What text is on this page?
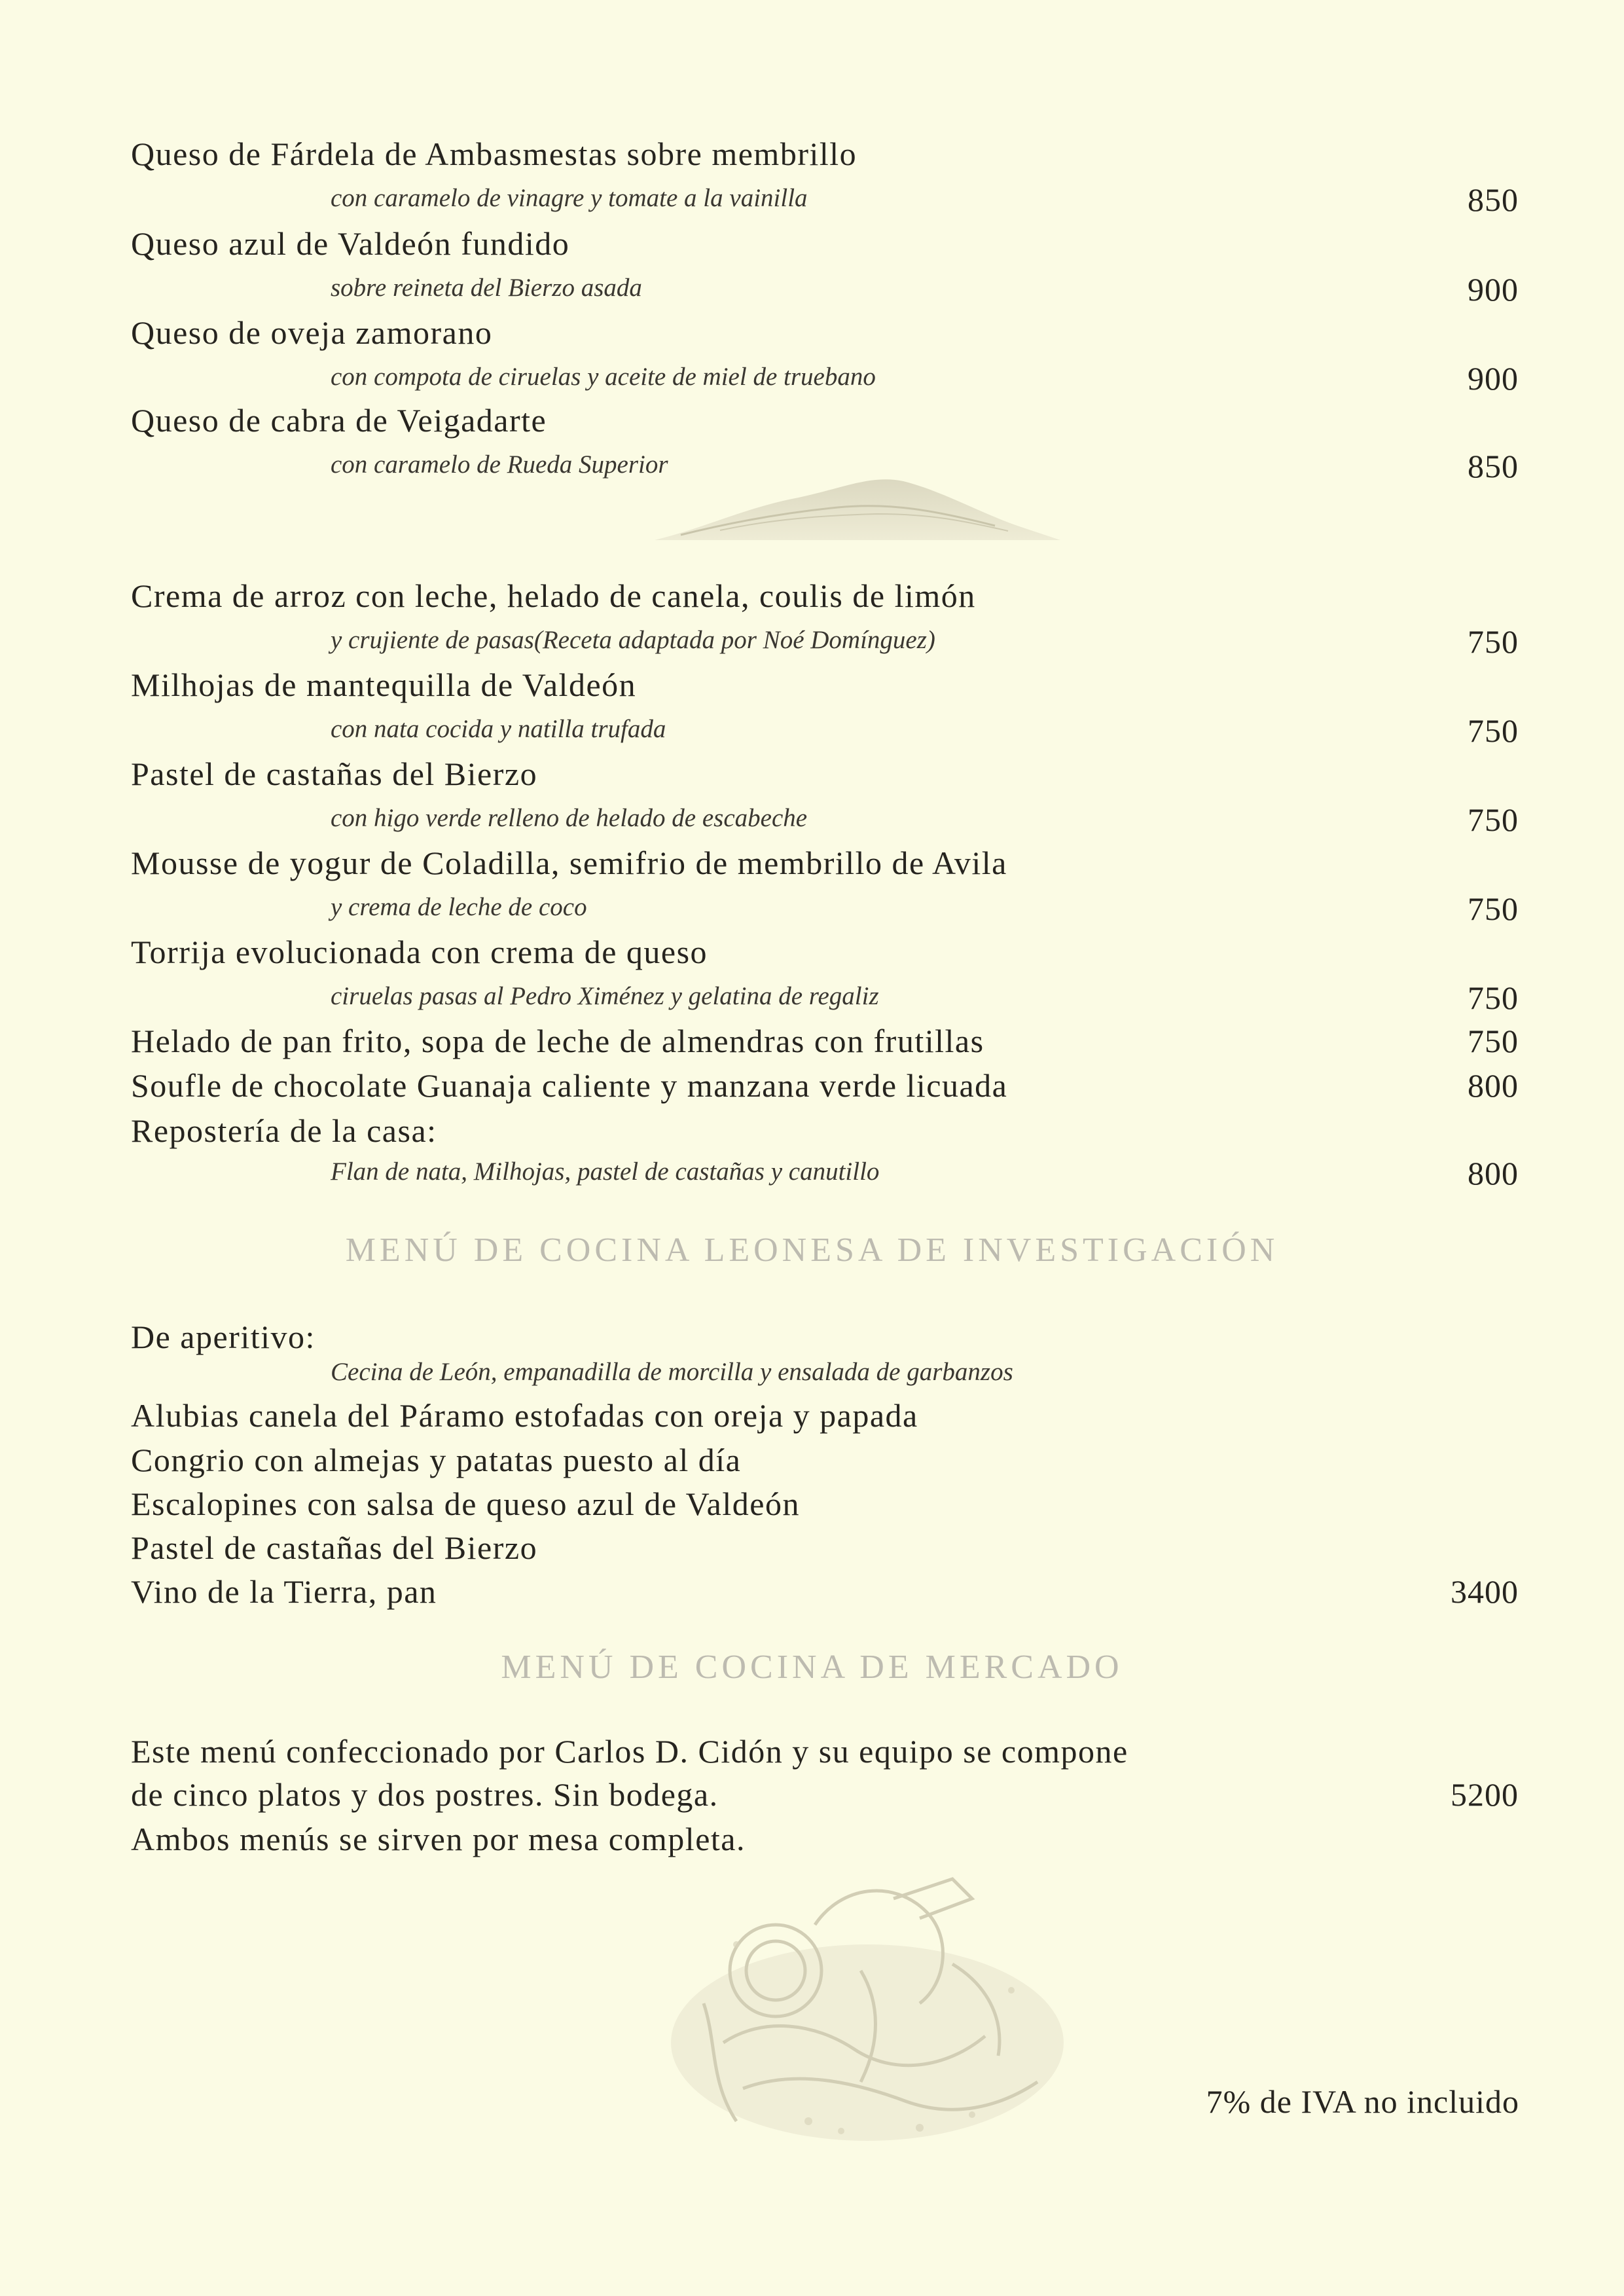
Queso de Fárdela de Ambasmestas sobre membrillo
con caramelo de vinagre y tomate a la vainilla	850
Queso azul de Valdeón fundido
sobre reineta del Bierzo asada	900
Queso de oveja zamorano
con compota de ciruelas y aceite de miel de truebano	900
Queso de cabra de Veigadarte
con caramelo de Rueda Superior	850
Crema de arroz con leche, helado de canela, coulis de limón
y crujiente de pasas(Receta adaptada por Noé Domínguez)	750
Milhojas de mantequilla de Valdeón
con nata cocida y natilla trufada	750
Pastel de castañas del Bierzo
con higo verde relleno de helado de escabeche	750
Mousse de yogur de Coladilla, semifrio de membrillo de Avila
y crema de leche de coco	750
Torrija evolucionada con crema de queso
ciruelas pasas al Pedro Ximénez y gelatina de regaliz	750
Helado de pan frito, sopa de leche de almendras con frutillas	750
Soufle de chocolate Guanaja caliente y manzana verde licuada	800
Repostería de la casa:
Flan de nata, Milhojas, pastel de castañas y canutillo	800
MENÚ DE COCINA LEONESA DE INVESTIGACIÓN
De aperitivo:
Cecina de León, empanadilla de morcilla y ensalada de garbanzos
Alubias canela del Páramo estofadas con oreja y papada
Congrio con almejas y patatas puesto al día
Escalopines con salsa de queso azul de Valdeón
Pastel de castañas del Bierzo
Vino de la Tierra, pan	3400
MENÚ DE COCINA DE MERCADO
Este menú confeccionado por Carlos D. Cidón y su equipo se compone
de cinco platos y dos postres. Sin bodega.	5200
Ambos menús se sirven por mesa completa.
7% de IVA no incluido
